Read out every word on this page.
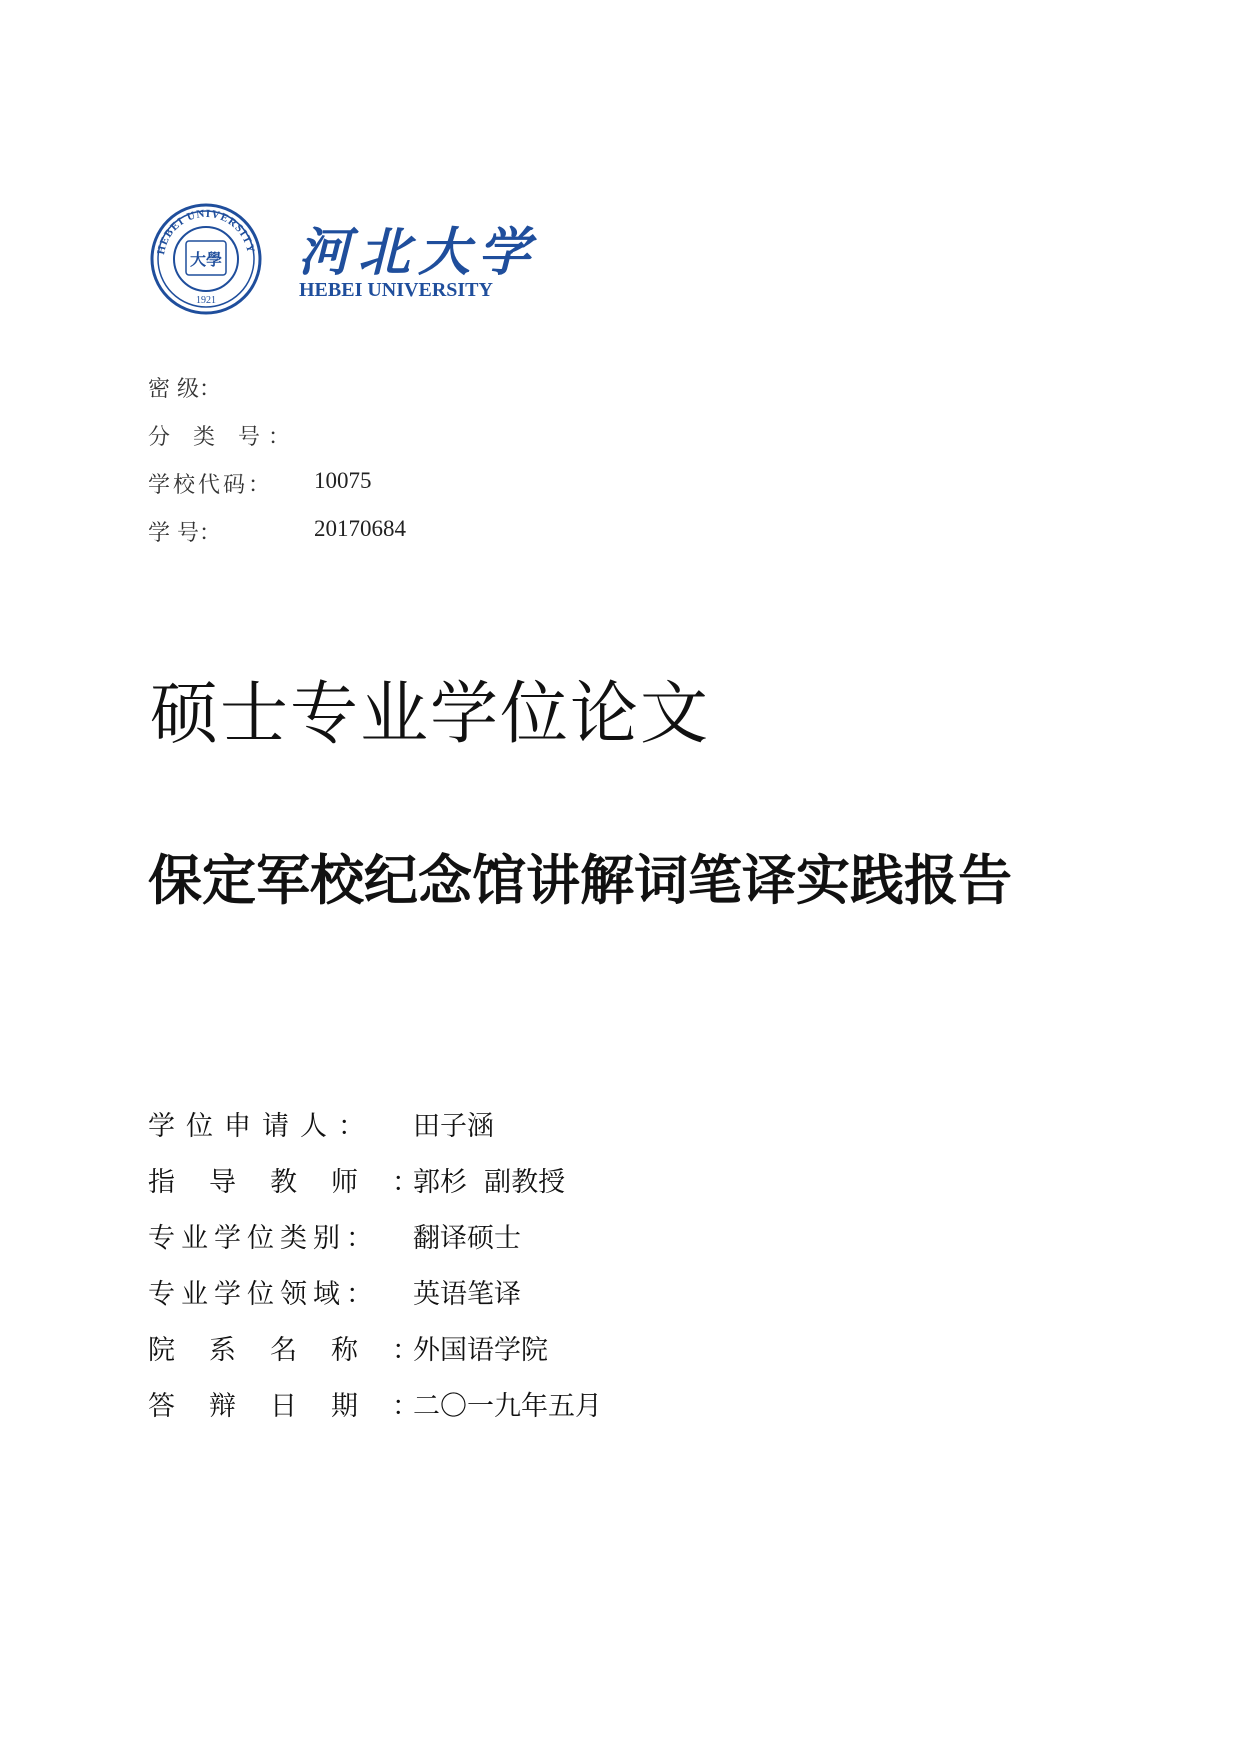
HEBEI UNIVERSITY
1921
大學 河北大学
HEBEI UNIVERSITY
密 级：
分 类 号：
学校代码： 10075
学 号：	20170684
硕士专业学位论文
保定军校纪念馆讲解词笔译实践报告
学位申请人： 田子涵
指导教师：
郭杉  副教授
专业学位类别： 翻译硕士
专业学位领域： 英语笔译
院系名称：
外国语学院
答辩日期：
二〇一九年五月
